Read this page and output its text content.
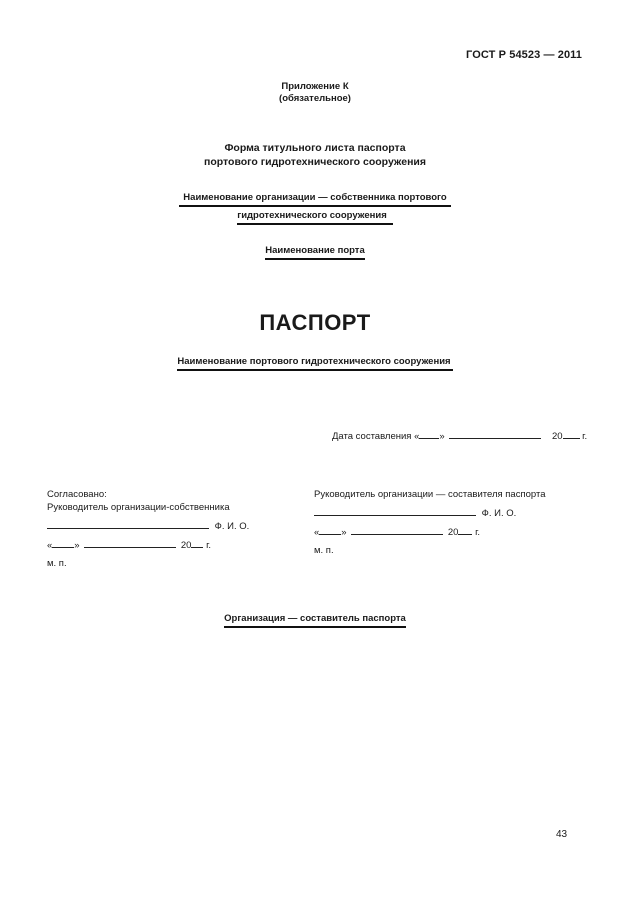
ГОСТ Р 54523 — 2011
Приложение К
(обязательное)
Форма титульного листа паспорта
портового гидротехнического сооружения
Наименование организации — собственника портового
гидротехнического сооружения
Наименование порта
ПАСПОРТ
Наименование портового гидротехнического сооружения
Дата составления « »	20 г.
Согласовано:
Руководитель организации-собственника
Ф. И. О.
« »	20 г.
м. п.
Руководитель организации — составителя паспорта
Ф. И. О.
« »	20 г.
м. п.
Организация — составитель паспорта
43
